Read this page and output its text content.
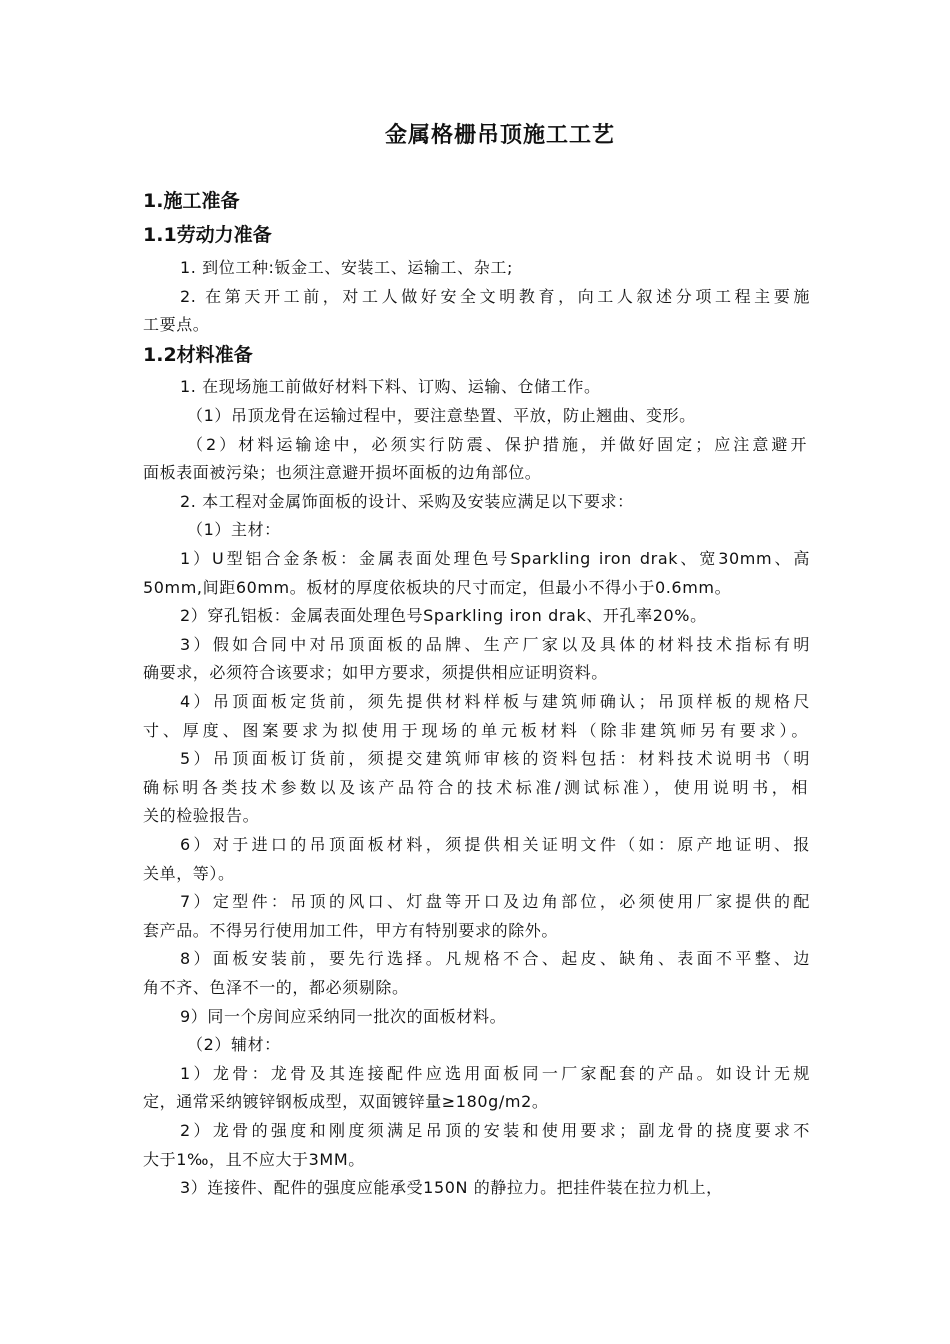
金属格栅吊顶施工工艺
1.施工准备
1.1劳动力准备
1. 到位工种:钣金工、安装工、运输工、杂工;
2. 在第天开工前，对工人做好安全文明教育，向工人叙述分项工程主要施
工要点。
1.2材料准备
1. 在现场施工前做好材料下料、订购、运输、仓储工作。
（1）吊顶龙骨在运输过程中，要注意垫置、平放，防止翘曲、变形。
（2）材料运输途中，必须实行防震、保护措施，并做好固定；应注意避开
面板表面被污染；也须注意避开损坏面板的边角部位。
2. 本工程对金属饰面板的设计、采购及安装应满足以下要求：
（1）主材：
1）U型铝合金条板：金属表面处理色号Sparkling iron drak、宽30mm、高
50mm,间距60mm。板材的厚度依板块的尺寸而定，但最小不得小于0.6mm。
2）穿孔铝板：金属表面处理色号Sparkling iron drak、开孔率20%。
3）假如合同中对吊顶面板的品牌、生产厂家以及具体的材料技术指标有明
确要求，必须符合该要求；如甲方要求，须提供相应证明资料。
4）吊顶面板定货前，须先提供材料样板与建筑师确认；吊顶样板的规格尺
寸、厚度、图案要求为拟使用于现场的单元板材料（除非建筑师另有要求）。
5）吊顶面板订货前，须提交建筑师审核的资料包括：材料技术说明书（明
确标明各类技术参数以及该产品符合的技术标准/测试标准），使用说明书，相
关的检验报告。
6）对于进口的吊顶面板材料，须提供相关证明文件（如：原产地证明、报
关单，等）。
7）定型件：吊顶的风口、灯盘等开口及边角部位，必须使用厂家提供的配
套产品。不得另行使用加工件，甲方有特别要求的除外。
8）面板安装前，要先行选择。凡规格不合、起皮、缺角、表面不平整、边
角不齐、色泽不一的，都必须剔除。
9）同一个房间应采纳同一批次的面板材料。
（2）辅材：
1）龙骨：龙骨及其连接配件应选用面板同一厂家配套的产品。如设计无规
定，通常采纳镀锌钢板成型，双面镀锌量≥180g/m2。
2）龙骨的强度和刚度须满足吊顶的安装和使用要求；副龙骨的挠度要求不
大于1‰，且不应大于3MM。
3）连接件、配件的强度应能承受150N 的静拉力。把挂件装在拉力机上，
